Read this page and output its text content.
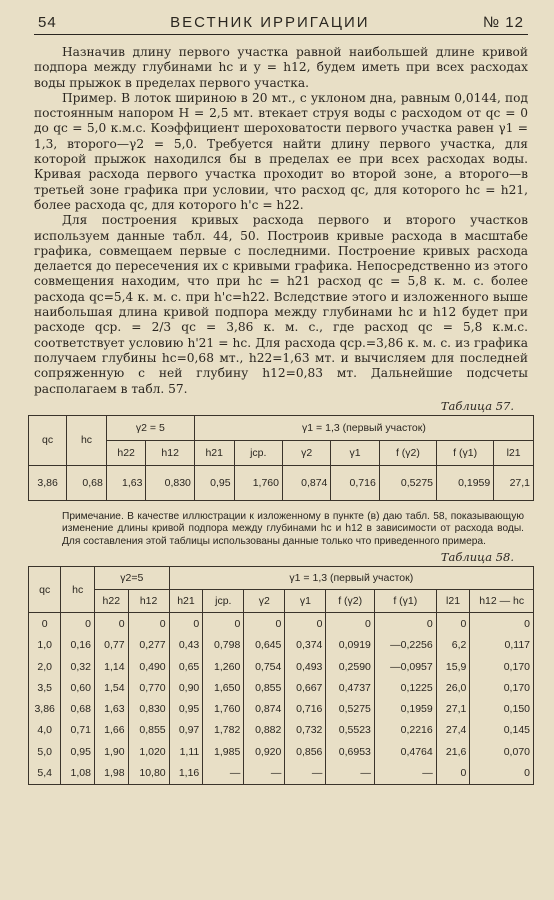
54	ВЕСТНИК ИРРИГАЦИИ	№ 12

Назначив длину первого участка равной наибольшей длине кривой подпора между глубинами hc и y = h12, будем иметь при всех расходах воды прыжок в пределах первого участка.

Пример. В лоток шириною в 20 мт., с уклоном дна, равным 0,0144, под постоянным напором H = 2,5 мт. втекает струя воды с расходом от qc = 0 до qc = 5,0 к.м.с. Коэффициент шероховатости первого участка равен γ1 = 1,3, второго—γ2 = 5,0. Требуется найти длину первого участка, для которой прыжок находился бы в пределах ее при всех расходах воды. Кривая расхода первого участка проходит во второй зоне, а второго—в третьей зоне графика при условии, что расход qc, для которого hc = h21, более расхода qc, для которого h'c = h22.

Для построения кривых расхода первого и второго участков используем данные табл. 44, 50. Построив кривые расхода в масштабе графика, совмещаем первые с последними. Построение кривых расхода делается до пересечения их с кривыми графика. Непосредственно из этого совмещения находим, что при hc = h21 расход qc = 5,8 к. м. с. более расхода qc=5,4 к. м. с. при h'c=h22. Вследствие этого и изложенного выше наибольшая длина кривой подпора между глубинами hc и h12 будет при расходе qcp. = 2/3 qc = 3,86 к. м. с., где расход qc = 5,8 к.м.с. соответствует условию h'21 = hc. Для расхода qcp.=3,86 к. м. с. из графика получаем глубины hc=0,68 мт., h22=1,63 мт. и вычисляем для последней сопряженную с ней глубину h12=0,83 мт. Дальнейшие подсчеты располагаем в табл. 57.

Таблица 57.
qc	hc	γ2 = 5		γ1 = 1,3 (первый участок)						
		h22	h12	h21	jcp.	γ2	γ1	f (γ2)	f (γ1)	l21
3,86	0,68	1,63	0,830	0,95	1,760	0,874	0,716	0,5275	0,1959	27,1
Примечание. В качестве иллюстрации к изложенному в пункте (в) даю табл. 58, показывающую изменение длины кривой подпора между глубинами hc и h12 в зависимости от расхода воды. Для составления этой таблицы использованы данные только что приведенного примера.
Таблица 58.
qc	hc	γ2=5		γ1 = 1,3 (первый участок)							
		h22	h12	h21	jcp.	γ2	γ1	f (γ2)	f (γ1)	l21	h12 — hc
0	0	0	0	0	0	0	0	0	0	0	0
1,0	0,16	0,77	0,277	0,43	0,798	0,645	0,374	0,0919	—0,2256	6,2	0,117
2,0	0,32	1,14	0,490	0,65	1,260	0,754	0,493	0,2590	—0,0957	15,9	0,170
3,5	0,60	1,54	0,770	0,90	1,650	0,855	0,667	0,4737	0,1225	26,0	0,170
3,86	0,68	1,63	0,830	0,95	1,760	0,874	0,716	0,5275	0,1959	27,1	0,150
4,0	0,71	1,66	0,855	0,97	1,782	0,882	0,732	0,5523	0,2216	27,4	0,145
5,0	0,95	1,90	1,020	1,11	1,985	0,920	0,856	0,6953	0,4764	21,6	0,070
5,4	1,08	1,98	10,80	1,16	—	—	—	—	—	0	0
